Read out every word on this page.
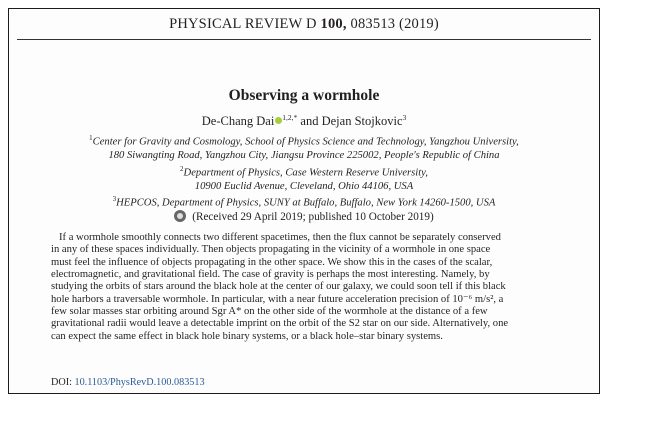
PHYSICAL REVIEW D 100, 083513 (2019)
Observing a wormhole
De-Chang Dai $^{1,2,*}$ and Dejan Stojkovic$^3$
$^1$Center for Gravity and Cosmology, School of Physics Science and Technology, Yangzhou University,
180 Siwangting Road, Yangzhou City, Jiangsu Province 225002, People's Republic of China
$^2$Department of Physics, Case Western Reserve University,
10900 Euclid Avenue, Cleveland, Ohio 44106, USA
$^3$HEPCOS, Department of Physics, SUNY at Buffalo, Buffalo, New York 14260-1500, USA
(Received 29 April 2019; published 10 October 2019)
If a wormhole smoothly connects two different spacetimes, then the flux cannot be separately conserved
in any of these spaces individually. Then objects propagating in the vicinity of a wormhole in one space
must feel the influence of objects propagating in the other space. We show this in the cases of the scalar,
electromagnetic, and gravitational field. The case of gravity is perhaps the most interesting. Namely, by
studying the orbits of stars around the black hole at the center of our galaxy, we could soon tell if this black
hole harbors a traversable wormhole. In particular, with a near future acceleration precision of 10⁻⁶ m/s², a
few solar masses star orbiting around Sgr A* on the other side of the wormhole at the distance of a few
gravitational radii would leave a detectable imprint on the orbit of the S2 star on our side. Alternatively, one
can expect the same effect in black hole binary systems, or a black hole–star binary systems.
DOI: 10.1103/PhysRevD.100.083513
